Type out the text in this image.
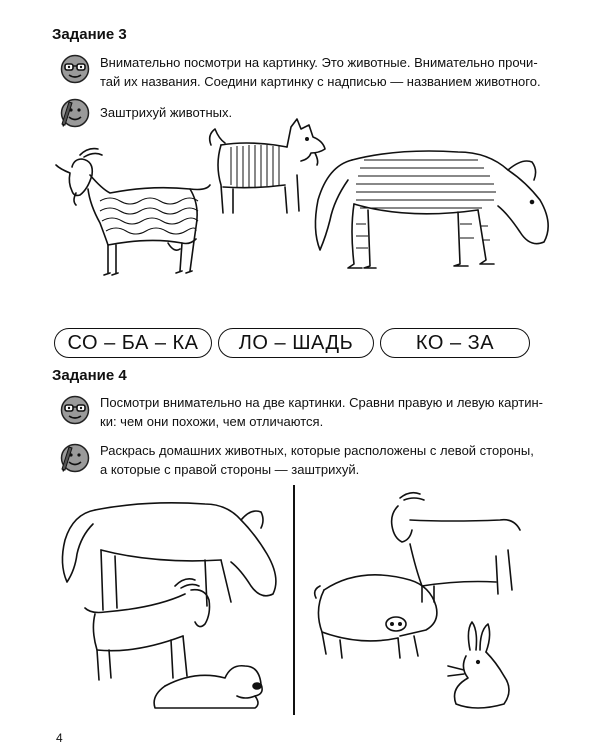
Задание 3
Внимательно посмотри на картинку. Это животные. Внимательно прочи-
тай их названия. Соедини картинку с надписью — названием животного.
Заштрихуй животных.
СО – БА – КА ЛО – ШАДЬ	КО – ЗА
Задание 4
Посмотри внимательно на две картинки. Сравни правую и левую картин-
ки: чем они похожи, чем отличаются.
Раскрась домашних животных, которые расположены с левой стороны,
а которые с правой стороны — заштрихуй.
4
